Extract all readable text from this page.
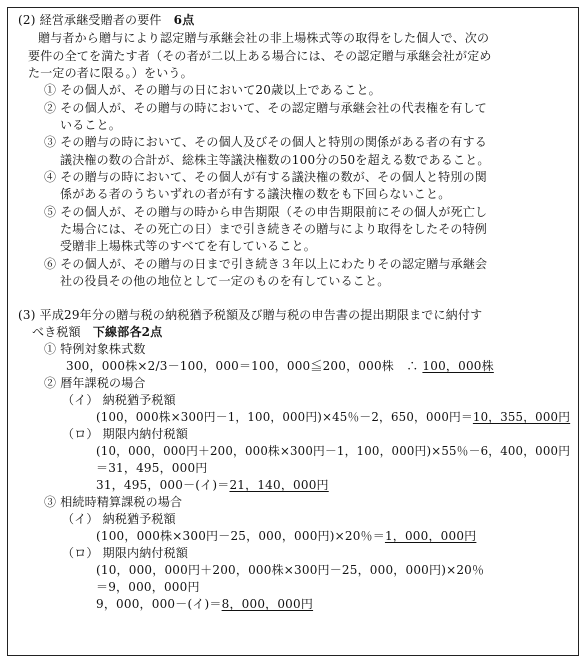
(2) 経営承継受贈者の要件 6点
贈与者から贈与により認定贈与承継会社の非上場株式等の取得をした個人で、次の
要件の全てを満たす者（その者が二以上ある場合には、その認定贈与承継会社が定め
た一定の者に限る。）をいう。
① その個人が、その贈与の日において20歳以上であること。
② その個人が、その贈与の時において、その認定贈与承継会社の代表権を有して
いること。
③ その贈与の時において、その個人及びその個人と特別の関係がある者の有する
議決権の数の合計が、総株主等議決権数の100分の50を超える数であること。
④ その贈与の時において、その個人が有する議決権の数が、その個人と特別の関
係がある者のうちいずれの者が有する議決権の数をも下回らないこと。
⑤ その個人が、その贈与の時から申告期限（その申告期限前にその個人が死亡し
た場合には、その死亡の日）まで引き続きその贈与により取得をしたその特例
受贈非上場株式等のすべてを有していること。
⑥ その個人が、その贈与の日まで引き続き３年以上にわたりその認定贈与承継会
社の役員その他の地位として一定のものを有していること。
(3) 平成29年分の贈与税の納税猶予税額及び贈与税の申告書の提出期限までに納付す
べき税額 下線部各2点
① 特例対象株式数
300，000株×2/3－100，000＝100，000≦200，000株　∴ 100，000株
② 暦年課税の場合
（イ） 納税猶予税額
(100，000株×300円－1，100，000円)×45％－2，650，000円＝10，355，000円
（ロ） 期限内納付税額
(10，000，000円＋200，000株×300円－1，100，000円)×55％－6，400，000円
＝31，495，000円
31，495，000－(イ)＝21，140，000円
③ 相続時精算課税の場合
（イ） 納税猶予税額
(100，000株×300円－25，000，000円)×20％＝1，000，000円
（ロ） 期限内納付税額
(10，000，000円＋200，000株×300円－25，000，000円)×20％
＝9，000，000円
9，000，000－(イ)＝8，000，000円
